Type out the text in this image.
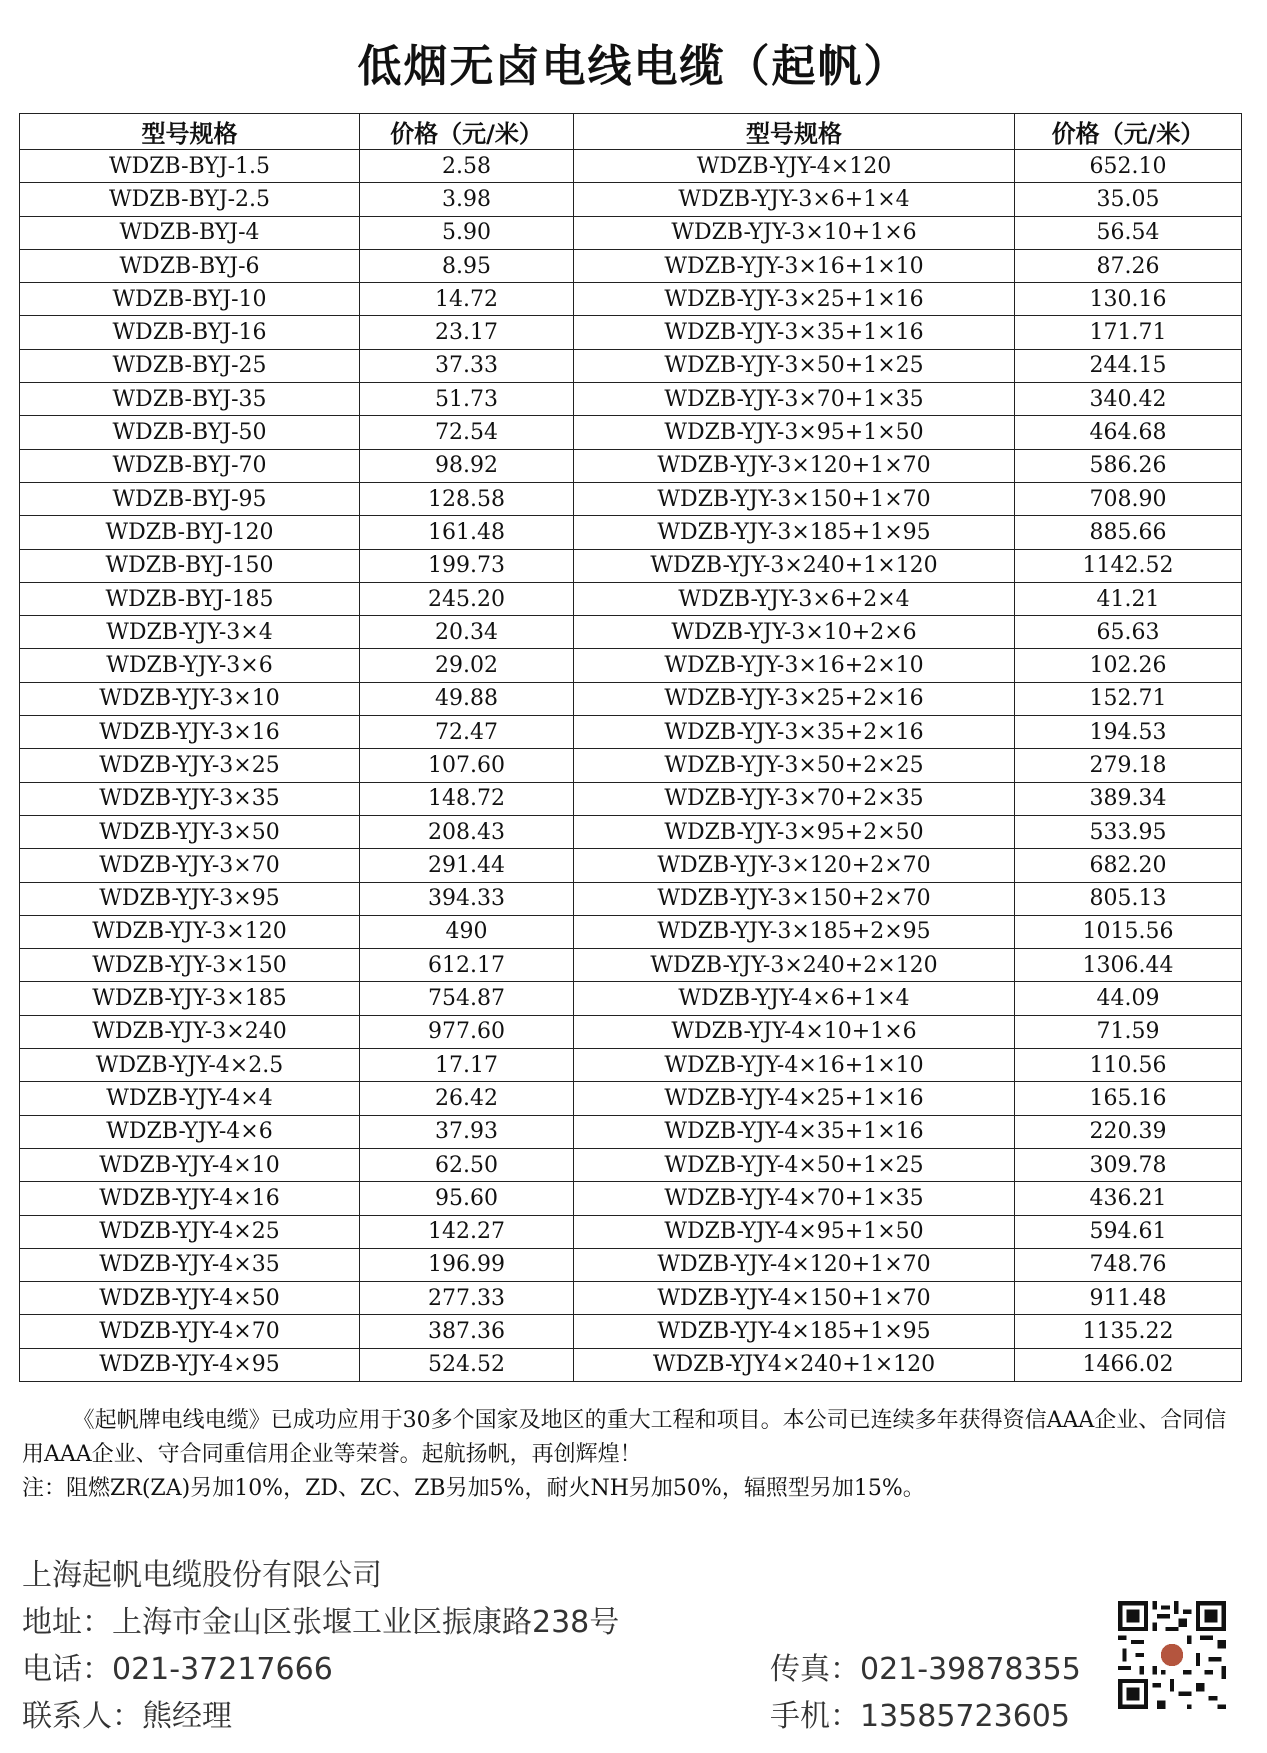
低烟无卤电线电缆（起帆）
型号规格	价格（元/米）	型号规格	价格（元/米）
WDZB-BYJ-1.5	2.58	WDZB-YJY-4×120	652.10
WDZB-BYJ-2.5	3.98	WDZB-YJY-3×6+1×4	35.05
WDZB-BYJ-4	5.90	WDZB-YJY-3×10+1×6	56.54
WDZB-BYJ-6	8.95	WDZB-YJY-3×16+1×10	87.26
WDZB-BYJ-10	14.72	WDZB-YJY-3×25+1×16	130.16
WDZB-BYJ-16	23.17	WDZB-YJY-3×35+1×16	171.71
WDZB-BYJ-25	37.33	WDZB-YJY-3×50+1×25	244.15
WDZB-BYJ-35	51.73	WDZB-YJY-3×70+1×35	340.42
WDZB-BYJ-50	72.54	WDZB-YJY-3×95+1×50	464.68
WDZB-BYJ-70	98.92	WDZB-YJY-3×120+1×70	586.26
WDZB-BYJ-95	128.58	WDZB-YJY-3×150+1×70	708.90
WDZB-BYJ-120	161.48	WDZB-YJY-3×185+1×95	885.66
WDZB-BYJ-150	199.73	WDZB-YJY-3×240+1×120	1142.52
WDZB-BYJ-185	245.20	WDZB-YJY-3×6+2×4	41.21
WDZB-YJY-3×4	20.34	WDZB-YJY-3×10+2×6	65.63
WDZB-YJY-3×6	29.02	WDZB-YJY-3×16+2×10	102.26
WDZB-YJY-3×10	49.88	WDZB-YJY-3×25+2×16	152.71
WDZB-YJY-3×16	72.47	WDZB-YJY-3×35+2×16	194.53
WDZB-YJY-3×25	107.60	WDZB-YJY-3×50+2×25	279.18
WDZB-YJY-3×35	148.72	WDZB-YJY-3×70+2×35	389.34
WDZB-YJY-3×50	208.43	WDZB-YJY-3×95+2×50	533.95
WDZB-YJY-3×70	291.44	WDZB-YJY-3×120+2×70	682.20
WDZB-YJY-3×95	394.33	WDZB-YJY-3×150+2×70	805.13
WDZB-YJY-3×120	490	WDZB-YJY-3×185+2×95	1015.56
WDZB-YJY-3×150	612.17	WDZB-YJY-3×240+2×120	1306.44
WDZB-YJY-3×185	754.87	WDZB-YJY-4×6+1×4	44.09
WDZB-YJY-3×240	977.60	WDZB-YJY-4×10+1×6	71.59
WDZB-YJY-4×2.5	17.17	WDZB-YJY-4×16+1×10	110.56
WDZB-YJY-4×4	26.42	WDZB-YJY-4×25+1×16	165.16
WDZB-YJY-4×6	37.93	WDZB-YJY-4×35+1×16	220.39
WDZB-YJY-4×10	62.50	WDZB-YJY-4×50+1×25	309.78
WDZB-YJY-4×16	95.60	WDZB-YJY-4×70+1×35	436.21
WDZB-YJY-4×25	142.27	WDZB-YJY-4×95+1×50	594.61
WDZB-YJY-4×35	196.99	WDZB-YJY-4×120+1×70	748.76
WDZB-YJY-4×50	277.33	WDZB-YJY-4×150+1×70	911.48
WDZB-YJY-4×70	387.36	WDZB-YJY-4×185+1×95	1135.22
WDZB-YJY-4×95	524.52	WDZB-YJY4×240+1×120	1466.02

《起帆牌电线电缆》已成功应用于30多个国家及地区的重大工程和项目。本公司已连续多年获得资信AAA企业、合同信用AAA企业、守合同重信用企业等荣誉。起航扬帆，再创辉煌！

注：阻燃ZR(ZA)另加10%，ZD、ZC、ZB另加5%，耐火NH另加50%，辐照型另加15%。

上海起帆电缆股份有限公司
地址：上海市金山区张堰工业区振康路238号
电话：021-37217666
联系人：熊经理
传真：021-39878355
手机：13585723605
